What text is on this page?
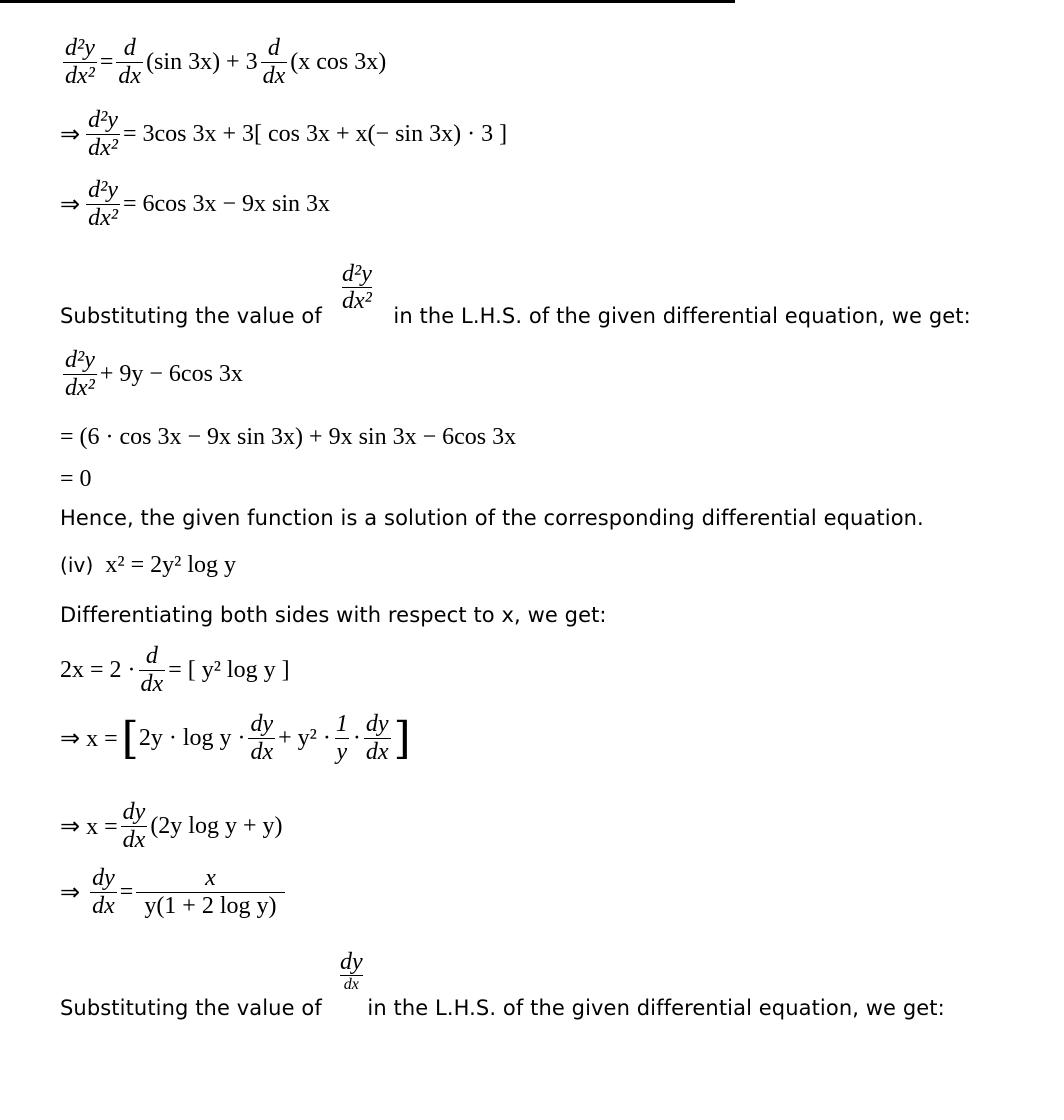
$\frac{\text{d²y}}{\text{dx²}} = \frac{d}{dx} (\sin$ $3x) + 3 \frac{d}{dx} (x$ cos 3x)
⇒ $\frac{\text{d²y}}{\text{dx²}} = 3\cos$ 3x + 3[ cos 3x + x(− sin 3x) · 3 ]
⇒ $\frac{\text{d²y}}{\text{dx²}} = 6\cos$ 3x − 9x sin 3x
$\frac{\text{d²y}}{\text{dx²}}$
Substituting the value of	in the L.H.S. of the given differential equation, we get:
$\frac{\text{d²y}}{\text{dx²}} + 9y - 6\cos$ 3x
= (6 · cos 3x − 9x sin 3x) + 9x sin 3x − 6cos 3x
= 0
Hence, the given function is a solution of the corresponding differential equation.
(iv) x² = 2y² log y
Differentiating both sides with respect to x, we get:
$2x = 2 \cdot \frac{d}{dx}$ = [ y² log y ]
⇒ x = [ $2y \cdot \log y \cdot \frac{dy}{dx} + y^2 \cdot \frac{1}{y} \cdot \frac{dy}{dx}$ ]
⇒ $x = \frac{dy}{dx} (2y$ log y + y)
⇒ $\frac{dy}{dx} = \frac{x}{\text{y(1 + 2 log y)}}$
dy
dx
Substituting the value of in the L.H.S. of the given differential equation, we get:
